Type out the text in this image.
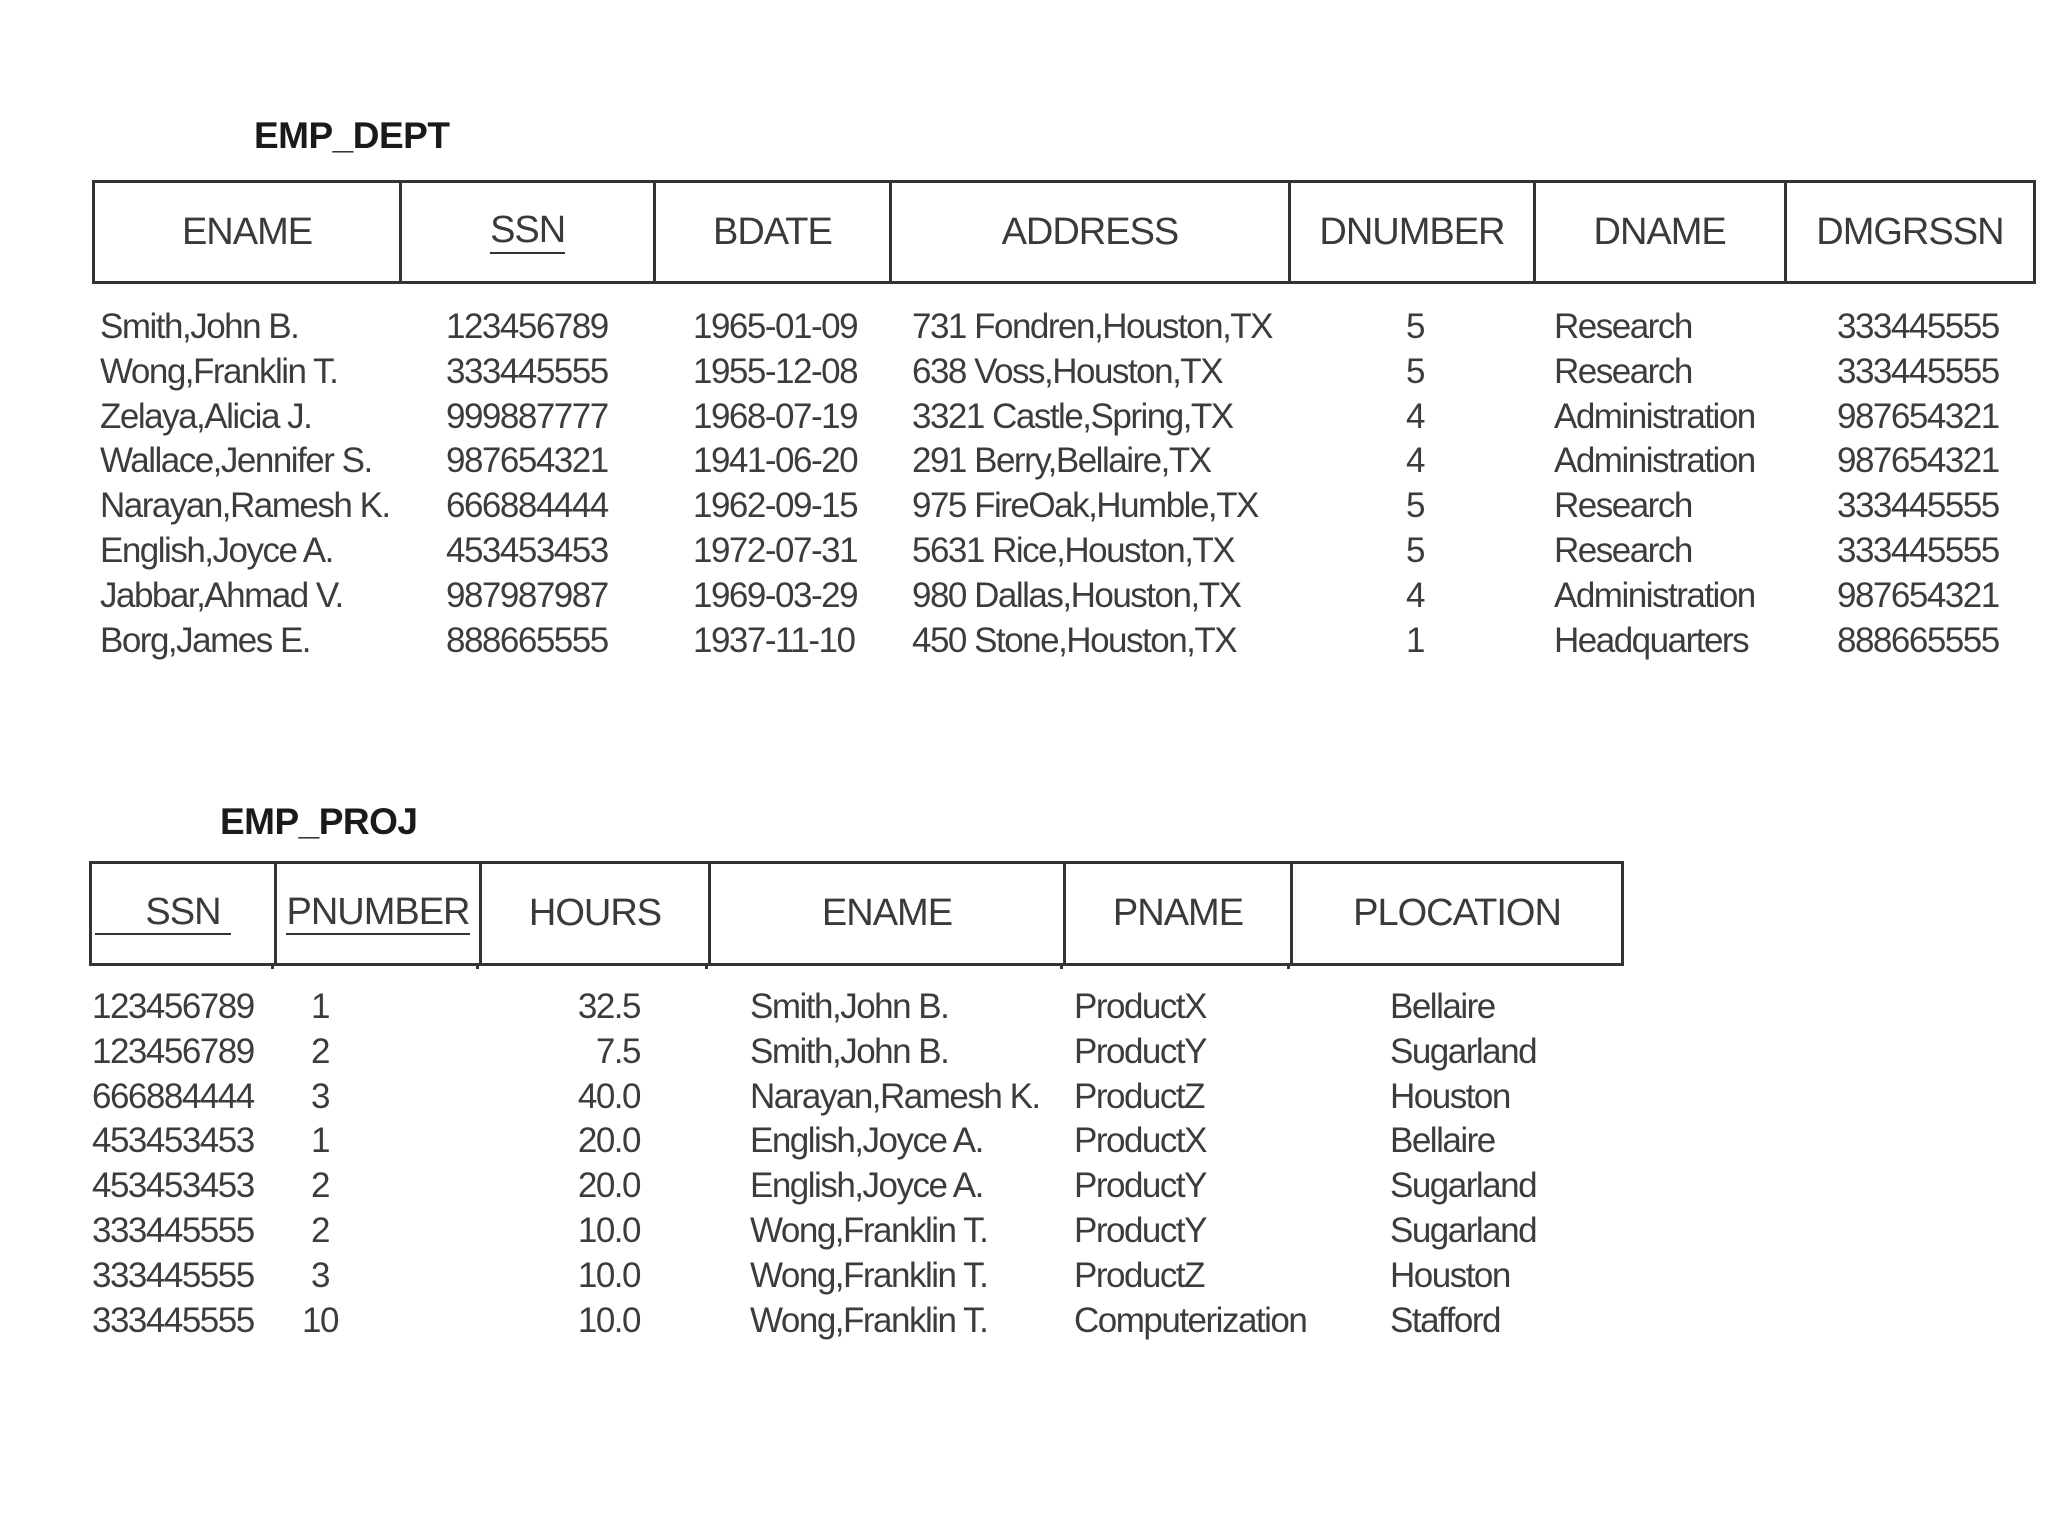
EMP_DEPT
ENAME	SSN	BDATE	ADDRESS	DNUMBER DNAME DMGRSSN
Smith,John B.	123456789 1965-01-09 731 Fondren,Houston,TX	5	Research	333445555
Wong,Franklin T.	333445555 1955-12-08 638 Voss,Houston,TX	5	Research	333445555
Zelaya,Alicia J.	999887777 1968-07-19 3321 Castle,Spring,TX	4	Administration 987654321
Wallace,Jennifer S. 987654321 1941-06-20 291 Berry,Bellaire,TX	4	Administration 987654321
Narayan,Ramesh K. 666884444 1962-09-15 975 FireOak,Humble,TX	5	Research	333445555
English,Joyce A.	453453453 1972-07-31 5631 Rice,Houston,TX	5	Research	333445555
Jabbar,Ahmad V.	987987987 1969-03-29 980 Dallas,Houston,TX	4	Administration 987654321
Borg,James E.	888665555 1937-11-10 450 Stone,Houston,TX	1	Headquarters	888665555
EMP_PROJ
SSN PNUMBER HOURS	ENAME	PNAME	PLOCATION
123456789	1	32.5	Smith,John B.	ProductX	Bellaire
123456789	2	7.5	Smith,John B.	ProductY	Sugarland
666884444	3	40.0	Narayan,Ramesh K. ProductZ	Houston
453453453	1	20.0	English,Joyce A.	ProductX	Bellaire
453453453	2	20.0	English,Joyce A.	ProductY	Sugarland
333445555	2	10.0	Wong,Franklin T. ProductY	Sugarland
333445555	3	10.0	Wong,Franklin T. ProductZ	Houston
333445555	10	10.0	Wong,Franklin T. Computerization Stafford
